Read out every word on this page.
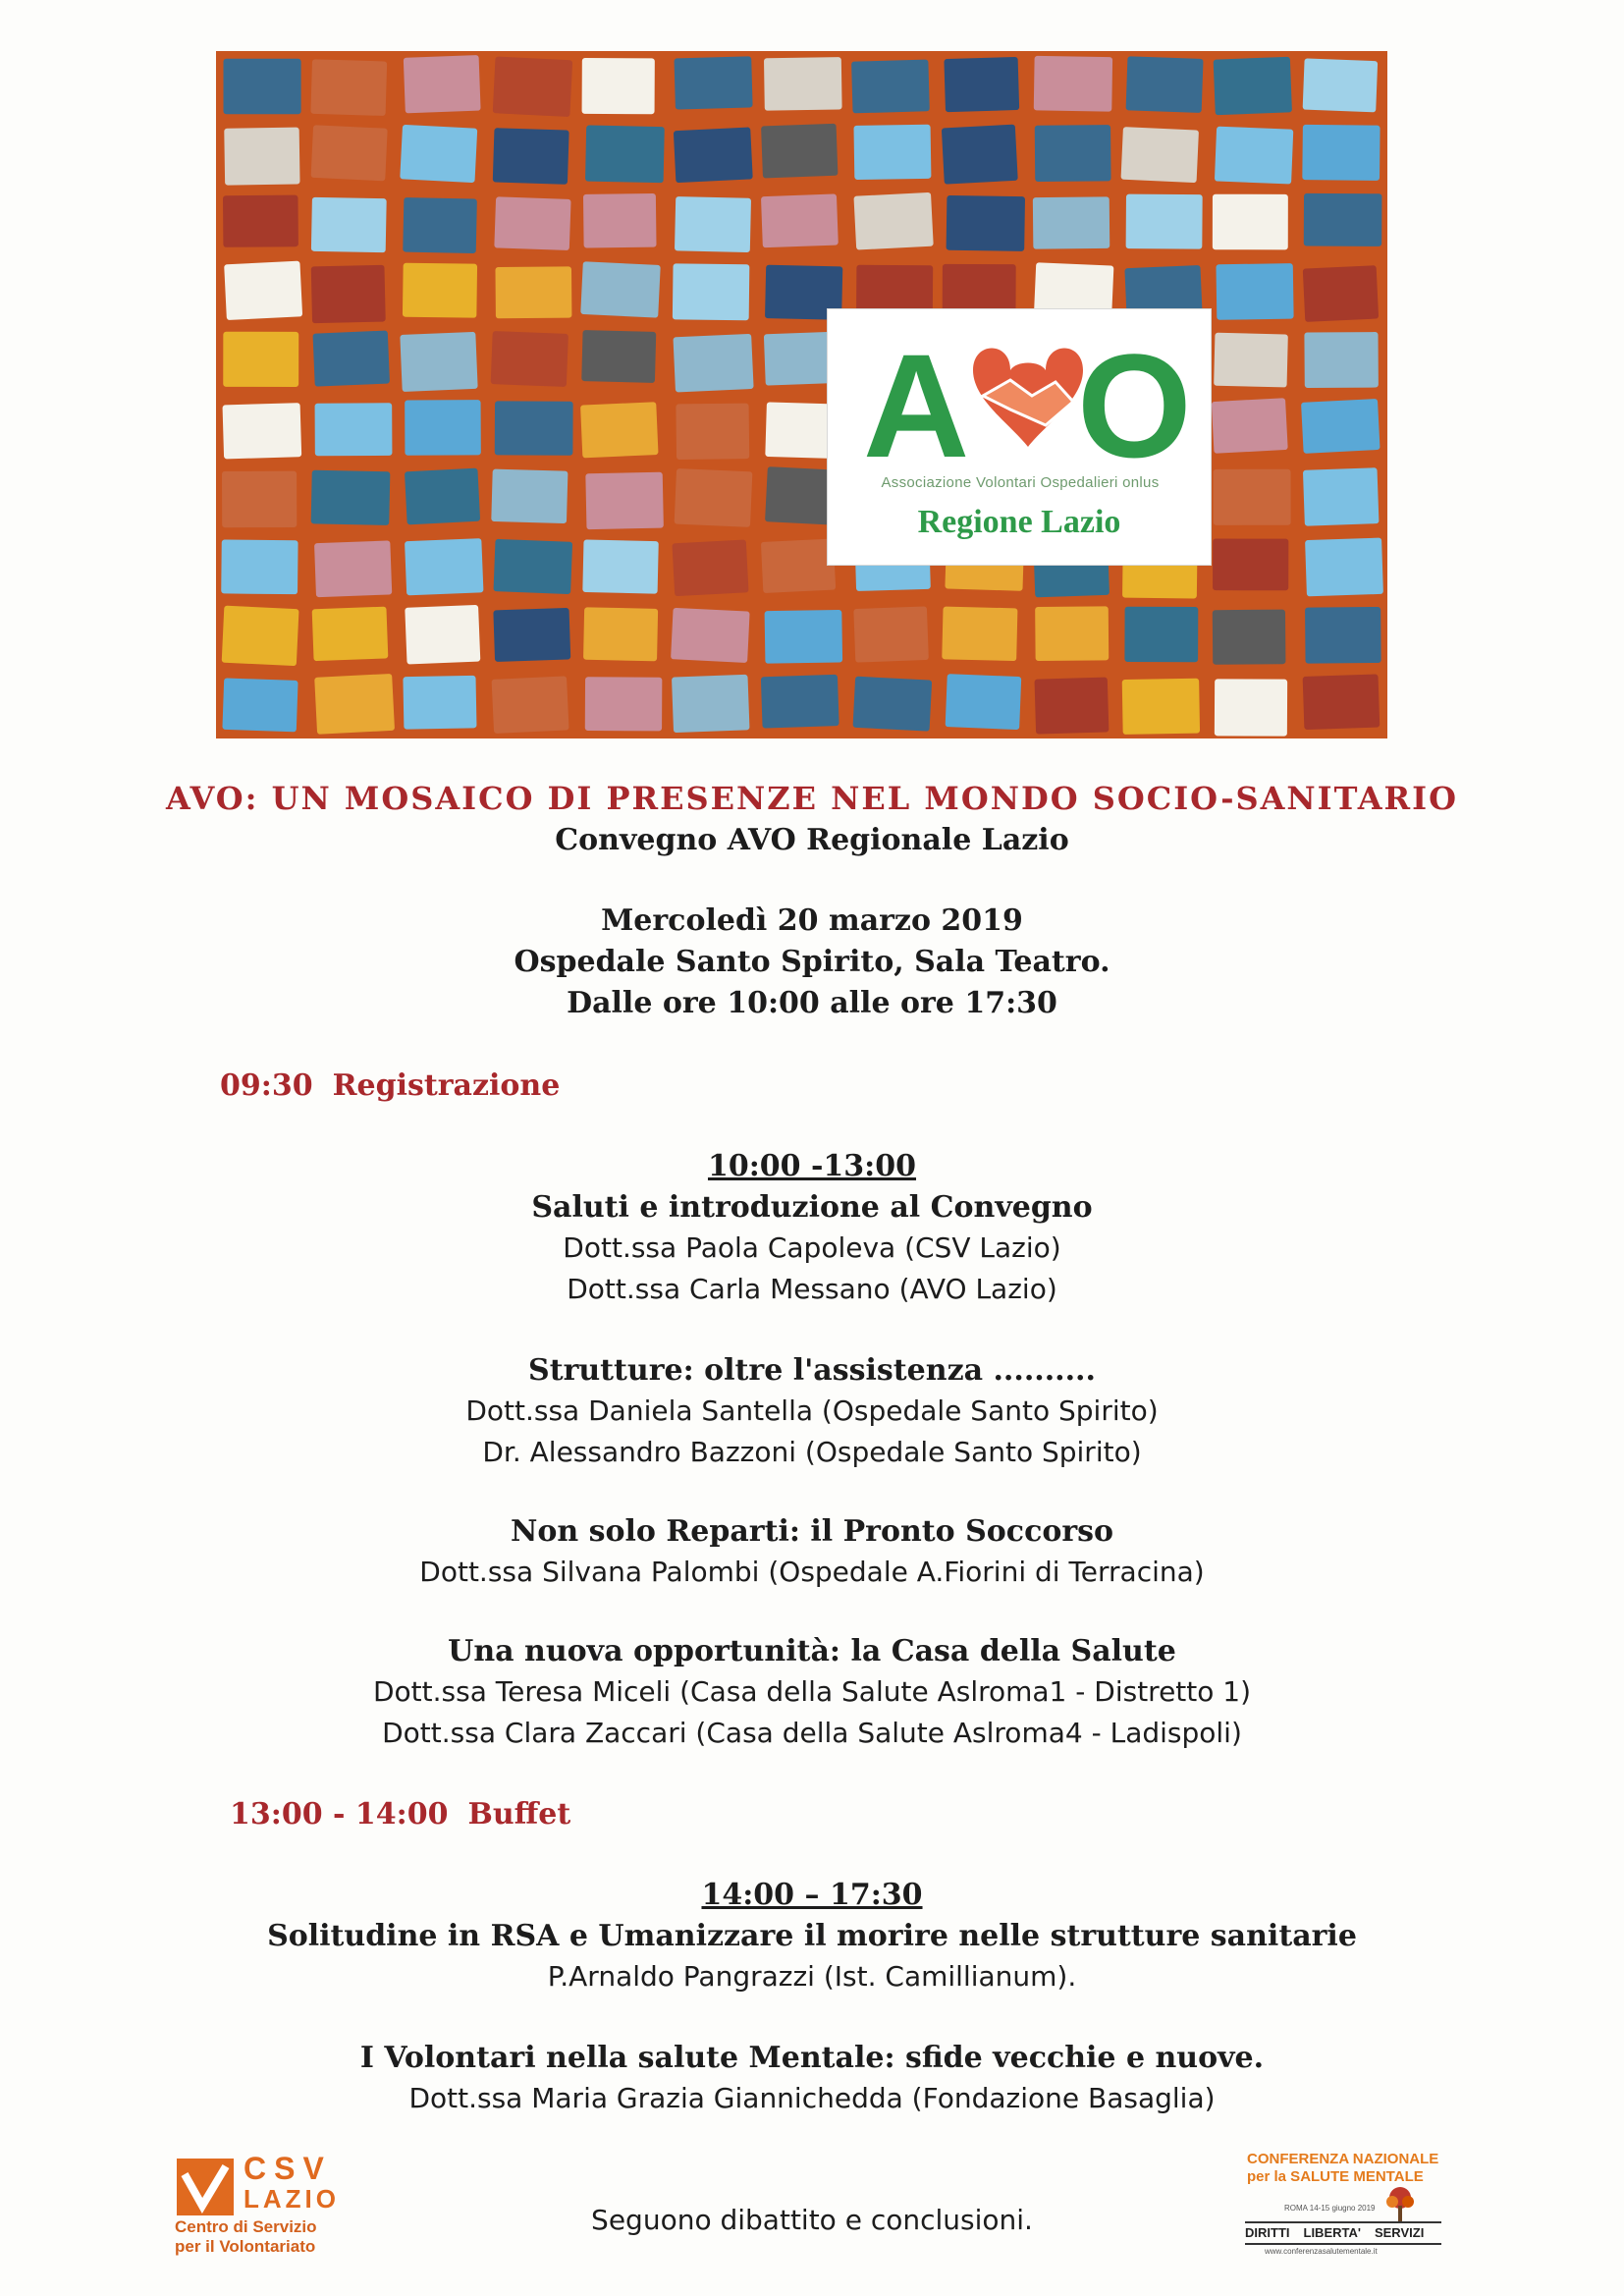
A O
Associazione Volontari Ospedalieri onlus
Regione Lazio
AVO: UN MOSAICO DI PRESENZE NEL MONDO SOCIO-SANITARIO
Convegno AVO Regionale Lazio
Mercoledì 20 marzo 2019
Ospedale Santo Spirito, Sala Teatro.
Dalle ore 10:00 alle ore 17:30
09:30 Registrazione
10:00 -13:00
Saluti e introduzione al Convegno
Dott.ssa Paola Capoleva (CSV Lazio)
Dott.ssa Carla Messano (AVO Lazio)
Strutture: oltre l'assistenza ..........
Dott.ssa Daniela Santella (Ospedale Santo Spirito)
Dr. Alessandro Bazzoni (Ospedale Santo Spirito)
Non solo Reparti: il Pronto Soccorso
Dott.ssa Silvana Palombi (Ospedale A.Fiorini di Terracina)
Una nuova opportunità: la Casa della Salute
Dott.ssa Teresa Miceli (Casa della Salute Aslroma1 - Distretto 1)
Dott.ssa Clara Zaccari (Casa della Salute Aslroma4 - Ladispoli)
13:00 - 14:00 Buffet
14:00 – 17:30
Solitudine in RSA e Umanizzare il morire nelle strutture sanitarie
P.Arnaldo Pangrazzi (Ist. Camillianum).
I Volontari nella salute Mentale: sfide vecchie e nuove.
Dott.ssa Maria Grazia Giannichedda (Fondazione Basaglia)
Seguono dibattito e conclusioni.
CSV
LAZIO
Centro di Servizio
per il Volontariato
CONFERENZA NAZIONALE
per la SALUTE MENTALE
ROMA 14-15 giugno 2019
DIRITTI LIBERTA' SERVIZI
www.conferenzasalutementale.it
